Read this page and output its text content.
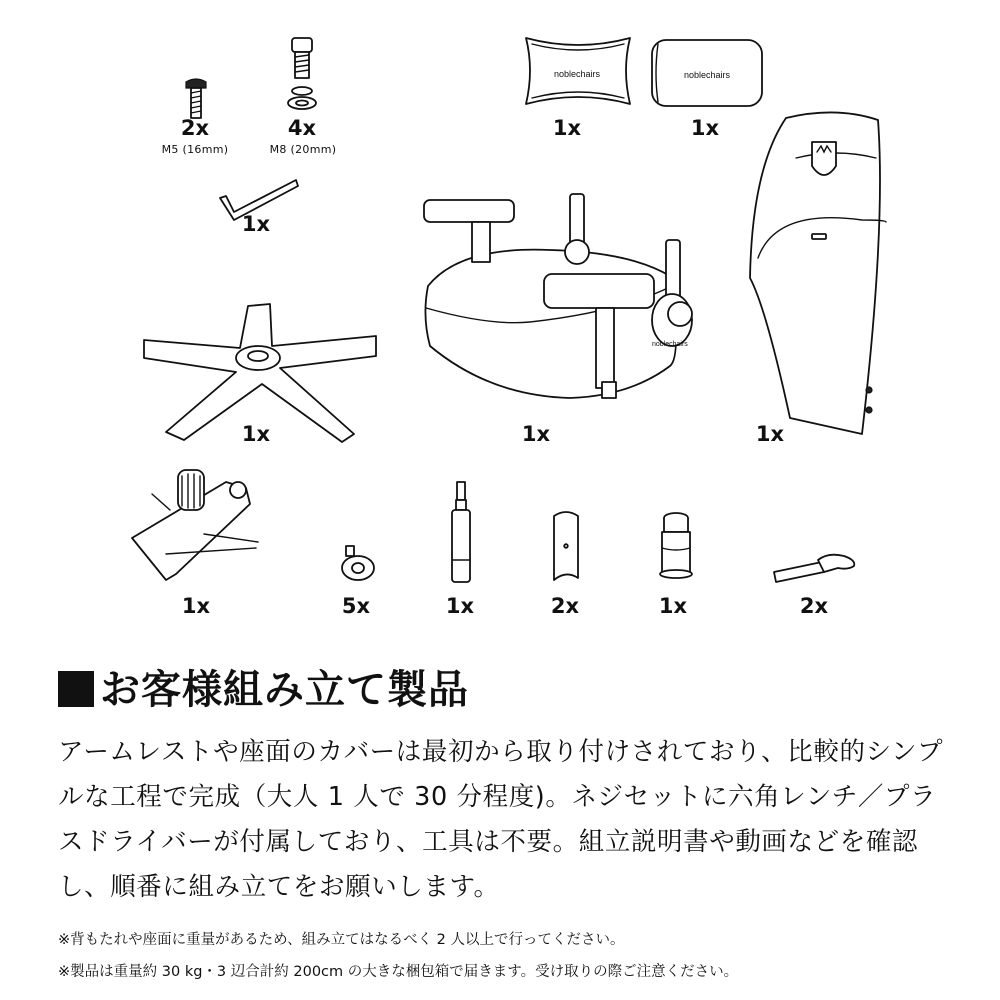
2x
M5 (16mm)
4x
M8 (20mm)
noblechairs
1x
noblechairs
1x
1x
1x
noblechairs
1x
1x
1x	5x	1x	2x	1x	2x
お客様組み立て製品
アームレストや座面のカバーは最初から取り付けされており、比較的シンプルな工程で完成（大人 1 人で 30 分程度)。ネジセットに六角レンチ／プラスドライバーが付属しており、工具は不要。組立説明書や動画などを確認し、順番に組み立てをお願いします。
※背もたれや座面に重量があるため、組み立てはなるべく 2 人以上で行ってください。
※製品は重量約 30 kg・3 辺合計約 200cm の大きな梱包箱で届きます。受け取りの際ご注意ください。
